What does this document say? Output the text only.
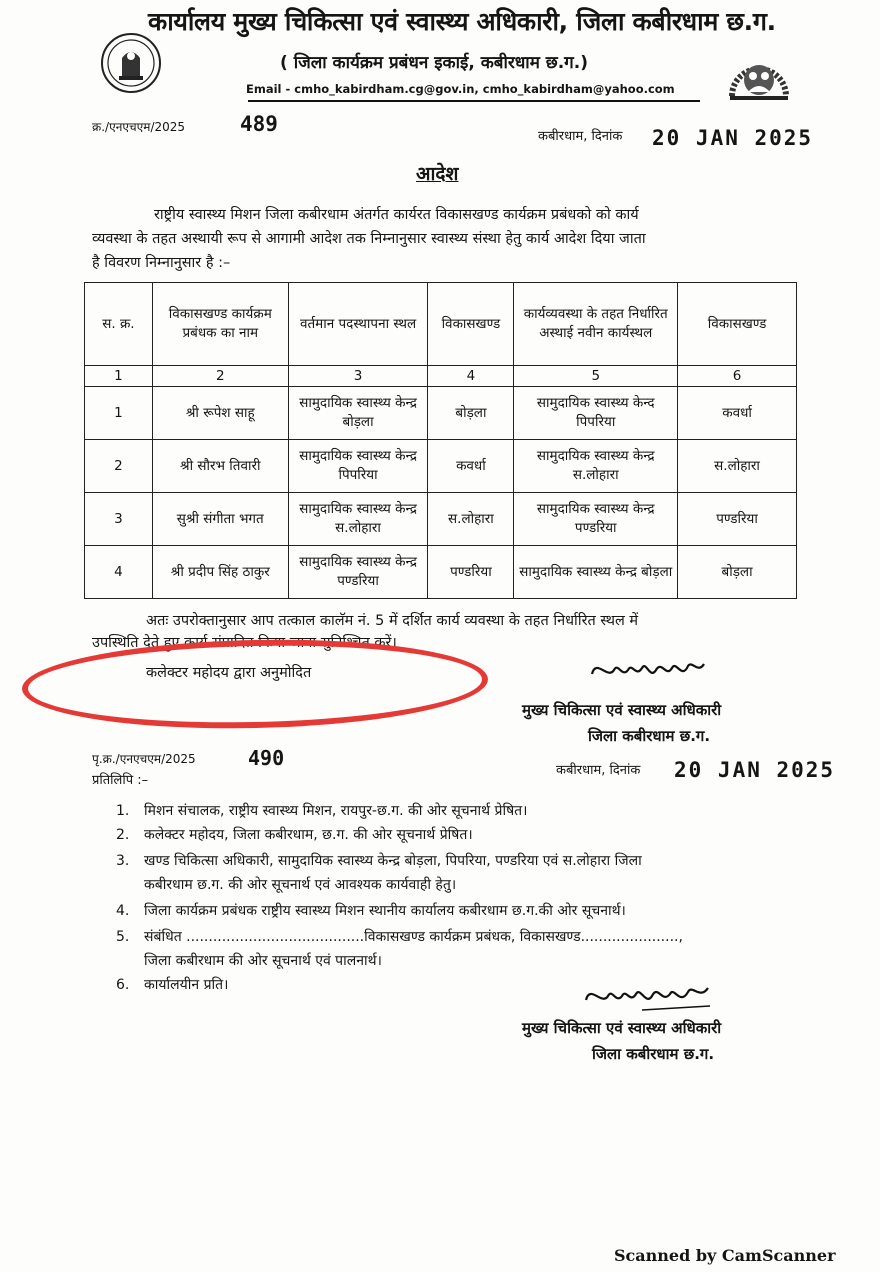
कार्यालय मुख्य चिकित्सा एवं स्वास्थ्य अधिकारी, जिला कबीरधाम छ.ग.
( जिला कार्यक्रम प्रबंधन इकाई, कबीरधाम छ.ग.)
Email - cmho_kabirdham.cg@gov.in, cmho_kabirdham@yahoo.com
क्र./एनएचएम/2025	489
कबीरधाम, दिनांक 20 JAN 2025
आदेश
राष्ट्रीय स्वास्थ्य मिशन जिला कबीरधाम अंतर्गत कार्यरत विकासखण्ड कार्यक्रम प्रबंधको को कार्य
व्यवस्था के तहत अस्थायी रूप से आगामी आदेश तक निम्नानुसार स्वास्थ्य संस्था हेतु कार्य आदेश दिया जाता
है विवरण निम्नानुसार है :–
स. क्र.	विकासखण्ड कार्यक्रम प्रबंधक का नाम	वर्तमान पदस्थापना स्थल	विकासखण्ड	कार्यव्यवस्था के तहत निर्धारित अस्थाई नवीन कार्यस्थल	विकासखण्ड
1	2	3	4	5	6
1	श्री रूपेश साहू	सामुदायिक स्वास्थ्य केन्द्र बोड़ला	बोड़ला	सामुदायिक स्वास्थ्य केन्द पिपरिया	कवर्धा
2	श्री सौरभ तिवारी	सामुदायिक स्वास्थ्य केन्द्र पिपरिया	कवर्धा	सामुदायिक स्वास्थ्य केन्द्र स.लोहारा	स.लोहारा
3	सुश्री संगीता भगत	सामुदायिक स्वास्थ्य केन्द्र स.लोहारा	स.लोहारा	सामुदायिक स्वास्थ्य केन्द्र पण्डरिया	पण्डरिया
4	श्री प्रदीप सिंह ठाकुर	सामुदायिक स्वास्थ्य केन्द्र पण्डरिया	पण्डरिया	सामुदायिक स्वास्थ्य केन्द्र बोड़ला	बोड़ला
अतः उपरोक्तानुसार आप तत्काल कालॅम नं. 5 में दर्शित कार्य व्यवस्था के तहत निर्धारित स्थल में
उपस्थिति देते हुए कार्य संपादित किया जाना सुनिश्चित करें।
कलेक्टर महोदय द्वारा अनुमोदित
मुख्य चिकित्सा एवं स्वास्थ्य अधिकारी
जिला कबीरधाम छ.ग.
पृ.क्र./एनएचएम/2025	490
कबीरधाम, दिनांक 20 JAN 2025
प्रतिलिपि :–
1. मिशन संचालक, राष्ट्रीय स्वास्थ्य मिशन, रायपुर-छ.ग. की ओर सूचनार्थ प्रेषित।
2. कलेक्टर महोदय, जिला कबीरधाम, छ.ग. की ओर सूचनार्थ प्रेषित।
3. खण्ड चिकित्सा अधिकारी, सामुदायिक स्वास्थ्य केन्द्र बोड़ला, पिपरिया, पण्डरिया एवं स.लोहारा जिला
कबीरधाम छ.ग. की ओर सूचनार्थ एवं आवश्यक कार्यवाही हेतु।
4. जिला कार्यक्रम प्रबंधक राष्ट्रीय स्वास्थ्य मिशन स्थानीय कार्यालय कबीरधाम छ.ग.की ओर सूचनार्थ।
5. संबंधित ........................................विकासखण्ड कार्यक्रम प्रबंधक, विकासखण्ड......................,
जिला कबीरधाम की ओर सूचनार्थ एवं पालनार्थ।
6. कार्यालयीन प्रति।
मुख्य चिकित्सा एवं स्वास्थ्य अधिकारी
जिला कबीरधाम छ.ग.
Scanned by CamScanner
